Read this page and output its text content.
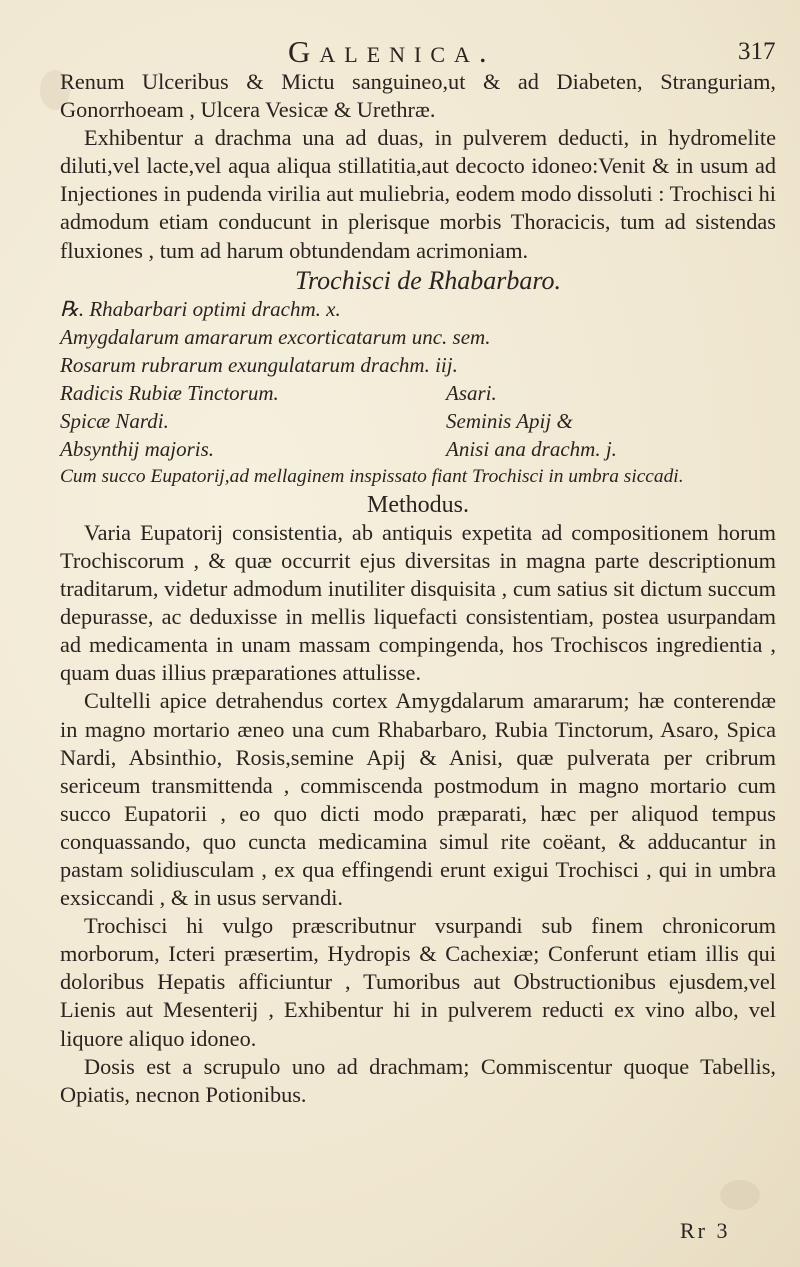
Galenica.	317

Renum Ulceribus & Mictu sanguineo,ut & ad Diabeten, Stranguriam, Gonorrhoeam , Ulcera Vesicæ & Urethræ.

Exhibentur a drachma una ad duas, in pulverem deducti, in hydromelite diluti,vel lacte,vel aqua aliqua stillatitia,aut decocto idoneo:Venit & in usum ad Injectiones in pudenda virilia aut muliebria, eodem modo dissoluti : Trochisci hi admodum etiam conducunt in plerisque morbis Thoracicis, tum ad sistendas fluxiones , tum ad harum obtundendam acrimoniam.

Trochisci de Rhabarbaro.

℞. Rhabarbari optimi drachm. x.
Amygdalarum amararum excorticatarum unc. sem.
Rosarum rubrarum exungulatarum drachm. iij.
Radicis Rubiæ Tinctorum.	Asari.
Spicæ Nardi.	Seminis Apij &
Absynthij majoris.	Anisi ana drachm. j.
Cum succo Eupatorij,ad mellaginem inspissato fiant Trochisci in umbra siccadi.

Methodus.

Varia Eupatorij consistentia, ab antiquis expetita ad compositionem horum Trochiscorum , & quæ occurrit ejus diversitas in magna parte descriptionum traditarum, videtur admodum inutiliter disquisita , cum satius sit dictum succum depurasse, ac deduxisse in mellis liquefacti consistentiam, postea usurpandam ad medicamenta in unam massam compingenda, hos Trochiscos ingredientia , quam duas illius præparationes attulisse.

Cultelli apice detrahendus cortex Amygdalarum amararum; hæ conterendæ in magno mortario æneo una cum Rhabarbaro, Rubia Tinctorum, Asaro, Spica Nardi, Absinthio, Rosis,semine Apij & Anisi, quæ pulverata per cribrum sericeum transmittenda , commiscenda postmodum in magno mortario cum succo Eupatorii , eo quo dicti modo præparati, hæc per aliquod tempus conquassando, quo cuncta medicamina simul rite coëant, & adducantur in pastam solidiusculam , ex qua effingendi erunt exigui Trochisci , qui in umbra exsiccandi , & in usus servandi.

Trochisci hi vulgo præscributnur vsurpandi sub finem chronicorum morborum, Icteri præsertim, Hydropis & Cachexiæ; Conferunt etiam illis qui doloribus Hepatis afficiuntur , Tumoribus aut Obstructionibus ejusdem,vel Lienis aut Mesenterij , Exhibentur hi in pulverem reducti ex vino albo, vel liquore aliquo idoneo.

Dosis est a scrupulo uno ad drachmam; Commiscentur quoque Tabellis, Opiatis, necnon Potionibus.

Rr 3
